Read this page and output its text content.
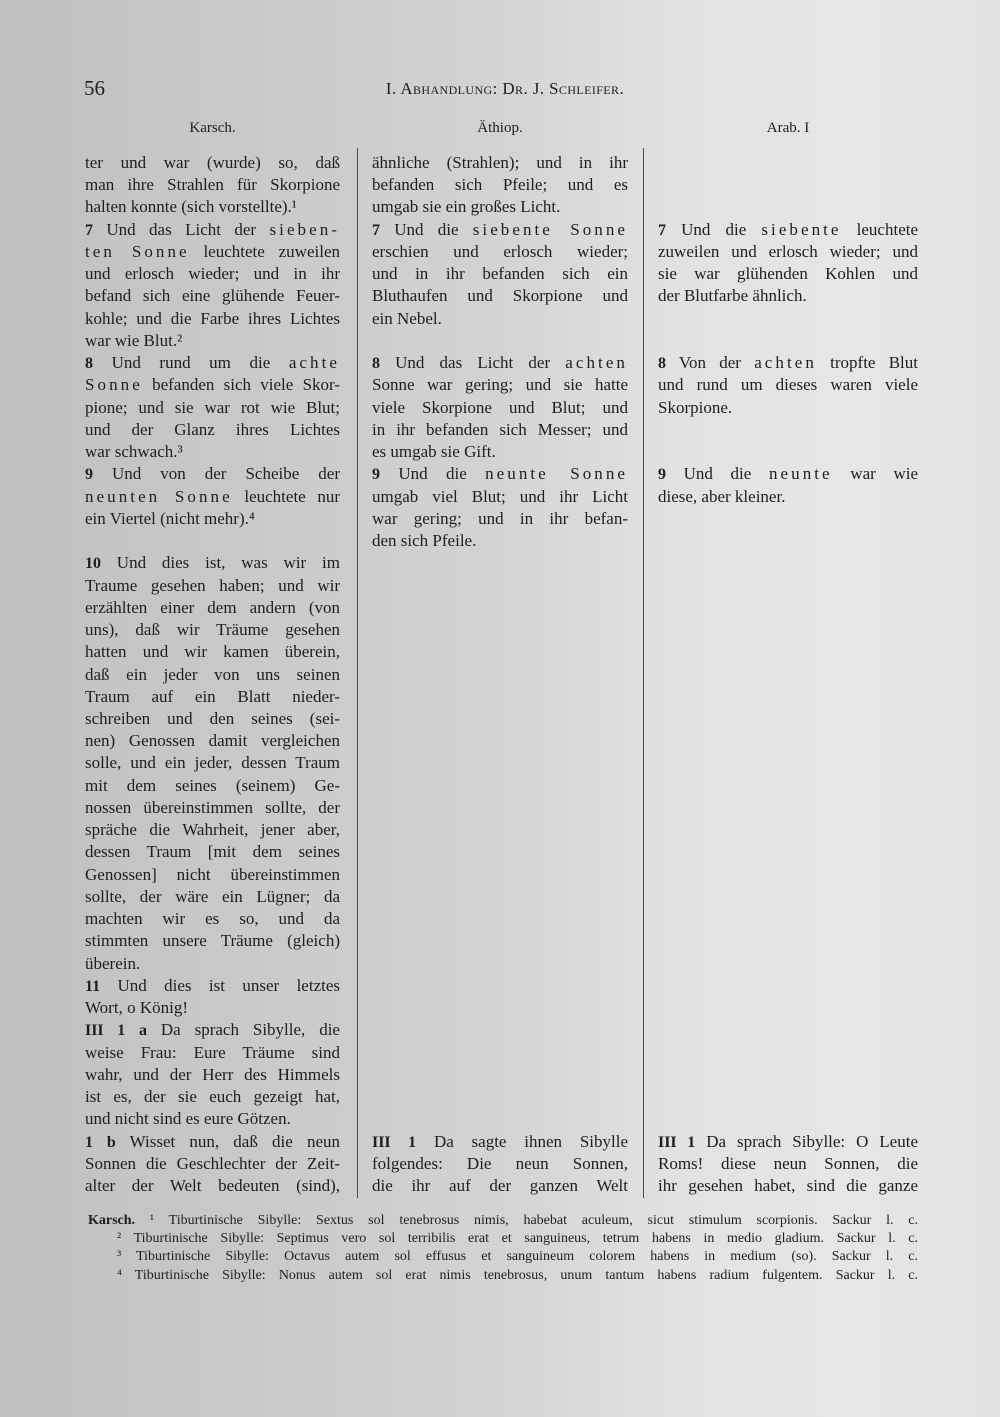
56	I. Abhandlung: Dr. J. Schleifer.
Karsch.	Äthiop.	Arab. I
ter und war (wurde) so, daß
man ihre Strahlen für Skorpione
halten konnte (sich vorstellte).¹
7 Und das Licht der sieben-
ten Sonne leuchtete zuweilen
und erlosch wieder; und in ihr
befand sich eine glühende Feuer-
kohle; und die Farbe ihres Lichtes
war wie Blut.²
8 Und rund um die achte
Sonne befanden sich viele Skor-
pione; und sie war rot wie Blut;
und der Glanz ihres Lichtes
war schwach.³
9 Und von der Scheibe der
neunten Sonne leuchtete nur
ein Viertel (nicht mehr).⁴
10 Und dies ist, was wir im
Traume gesehen haben; und wir
erzählten einer dem andern (von
uns), daß wir Träume gesehen
hatten und wir kamen überein,
daß ein jeder von uns seinen
Traum auf ein Blatt nieder-
schreiben und den seines (sei-
nen) Genossen damit vergleichen
solle, und ein jeder, dessen Traum
mit dem seines (seinem) Ge-
nossen übereinstimmen sollte, der
spräche die Wahrheit, jener aber,
dessen Traum [mit dem seines
Genossen] nicht übereinstimmen
sollte, der wäre ein Lügner; da
machten wir es so, und da
stimmten unsere Träume (gleich)
überein.
11 Und dies ist unser letztes
Wort, o König!
III 1 a Da sprach Sibylle, die
weise Frau: Eure Träume sind
wahr, und der Herr des Himmels
ist es, der sie euch gezeigt hat,
und nicht sind es eure Götzen.
1 b Wisset nun, daß die neun
Sonnen die Geschlechter der Zeit-
alter der Welt bedeuten (sind),
ähnliche (Strahlen); und in ihr
befanden sich Pfeile; und es
umgab sie ein großes Licht.
7 Und die siebente Sonne
erschien und erlosch wieder;
und in ihr befanden sich ein
Bluthaufen und Skorpione und
ein Nebel.
8 Und das Licht der achten
Sonne war gering; und sie hatte
viele Skorpione und Blut; und
in ihr befanden sich Messer; und
es umgab sie Gift.
9 Und die neunte Sonne
umgab viel Blut; und ihr Licht
war gering; und in ihr befan-
den sich Pfeile.
III 1 Da sagte ihnen Sibylle
folgendes: Die neun Sonnen,
die ihr auf der ganzen Welt
7 Und die siebente leuchtete
zuweilen und erlosch wieder; und
sie war glühenden Kohlen und
der Blutfarbe ähnlich.
8 Von der achten tropfte Blut
und rund um dieses waren viele
Skorpione.
9 Und die neunte war wie
diese, aber kleiner.
III 1 Da sprach Sibylle: O Leute
Roms! diese neun Sonnen, die
ihr gesehen habet, sind die ganze
Karsch. ¹ Tiburtinische Sibylle: Sextus sol tenebrosus nimis, habebat aculeum, sicut stimulum scorpionis. Sackur l. c.
² Tiburtinische Sibylle: Septimus vero sol terribilis erat et sanguineus, tetrum habens in medio gladium. Sackur l. c.
³ Tiburtinische Sibylle: Octavus autem sol effusus et sanguineum colorem habens in medium (so). Sackur l. c.
⁴ Tiburtinische Sibylle: Nonus autem sol erat nimis tenebrosus, unum tantum habens radium fulgentem. Sackur l. c.
